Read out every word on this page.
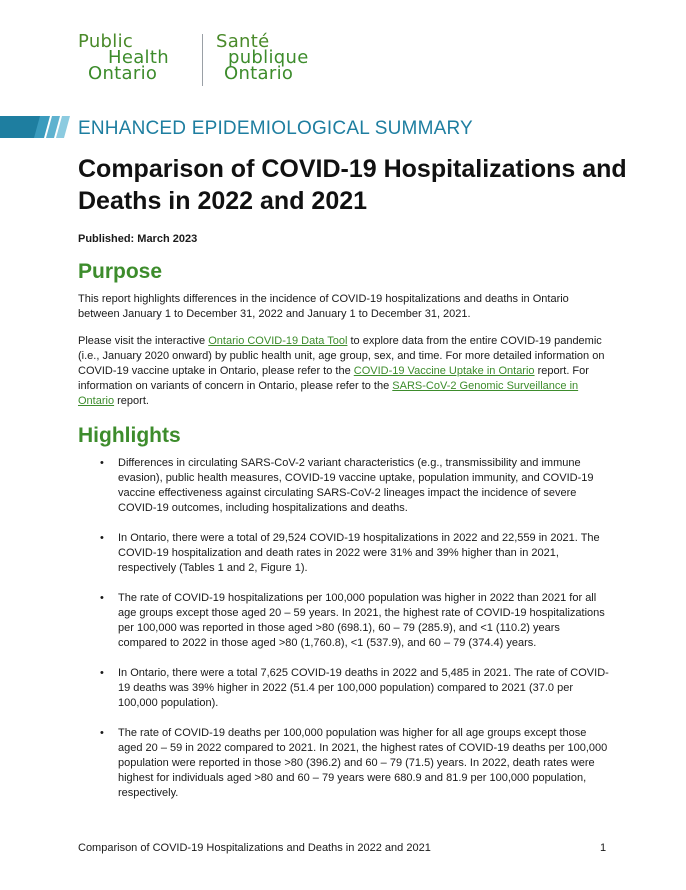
Public
Health
Ontario
Santé
publique
Ontario
ENHANCED EPIDEMIOLOGICAL SUMMARY
Comparison of COVID-19 Hospitalizations and Deaths in 2022 and 2021
Published: March 2023
Purpose

This report highlights differences in the incidence of COVID-19 hospitalizations and deaths in Ontario between January 1 to December 31, 2022 and January 1 to December 31, 2021.

Please visit the interactive Ontario COVID-19 Data Tool to explore data from the entire COVID-19 pandemic (i.e., January 2020 onward) by public health unit, age group, sex, and time. For more detailed information on COVID-19 vaccine uptake in Ontario, please refer to the COVID-19 Vaccine Uptake in Ontario report. For information on variants of concern in Ontario, please refer to the SARS-CoV-2 Genomic Surveillance in Ontario report.

Highlights
• Differences in circulating SARS-CoV-2 variant characteristics (e.g., transmissibility and immune evasion), public health measures, COVID-19 vaccine uptake, population immunity, and COVID-19 vaccine effectiveness against circulating SARS-CoV-2 lineages impact the incidence of severe COVID-19 outcomes, including hospitalizations and deaths.
• In Ontario, there were a total of 29,524 COVID-19 hospitalizations in 2022 and 22,559 in 2021. The COVID-19 hospitalization and death rates in 2022 were 31% and 39% higher than in 2021, respectively (Tables 1 and 2, Figure 1).
• The rate of COVID-19 hospitalizations per 100,000 population was higher in 2022 than 2021 for all age groups except those aged 20 – 59 years. In 2021, the highest rate of COVID-19 hospitalizations per 100,000 was reported in those aged >80 (698.1), 60 – 79 (285.9), and <1 (110.2) years compared to 2022 in those aged >80 (1,760.8), <1 (537.9), and 60 – 79 (374.4) years.
• In Ontario, there were a total 7,625 COVID-19 deaths in 2022 and 5,485 in 2021. The rate of COVID-19 deaths was 39% higher in 2022 (51.4 per 100,000 population) compared to 2021 (37.0 per 100,000 population).
• The rate of COVID-19 deaths per 100,000 population was higher for all age groups except those aged 20 – 59 in 2022 compared to 2021. In 2021, the highest rates of COVID-19 deaths per 100,000 population were reported in those >80 (396.2) and 60 – 79 (71.5) years. In 2022, death rates were highest for individuals aged >80 and 60 – 79 years were 680.9 and 81.9 per 100,000 population, respectively.
Comparison of COVID-19 Hospitalizations and Deaths in 2022 and 2021	1
